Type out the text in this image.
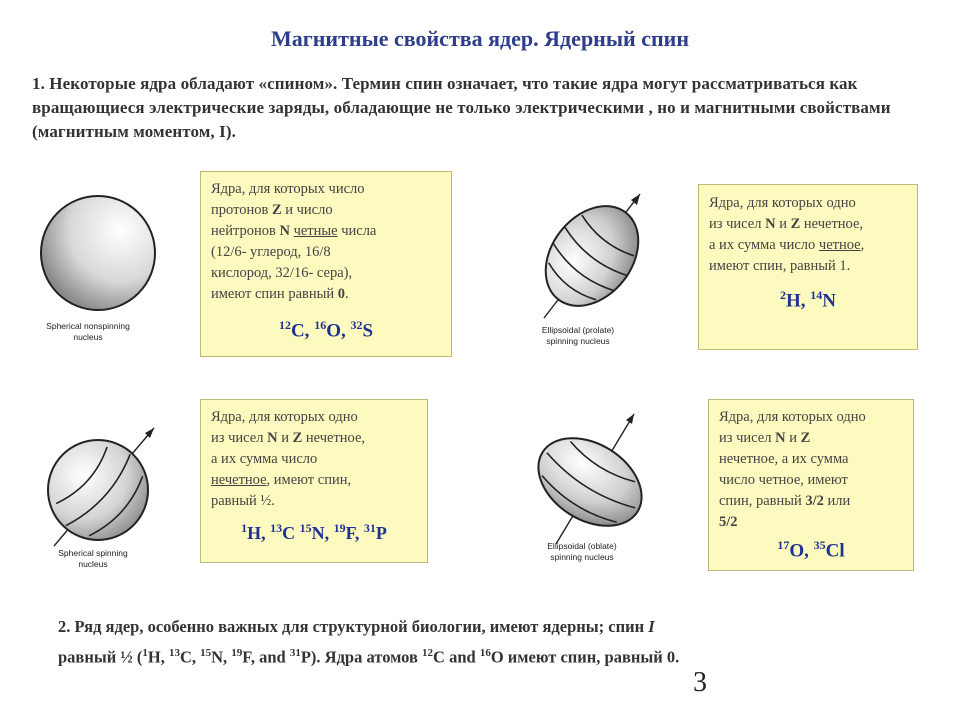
Магнитные свойства ядер. Ядерный спин
1. Некоторые ядра обладают «спином». Термин спин означает, что такие ядра могут рассматриваться как вращающиеся электрические заряды, обладающие не только электрическими , но и магнитными свойствами (магнитным моментом, I).
Spherical nonspinning
nucleus
Ellipsoidal (prolate)
spinning nucleus
Spherical spinning
nucleus
Ellipsoidal (oblate)
spinning nucleus
Ядра, для которых число
протонов Z и число
нейтронов N четные числа
(12/6- углерод, 16/8
кислород, 32/16- сера),
имеют спин равный 0.
$^{12}$C, $^{16}$O, $^{32}$S
Ядра, для которых одно
из чисел N и Z нечетное,
а их сумма число четное,
имеют спин, равный 1.
$^2$H, $^{14}$N
Ядра, для которых одно
из чисел N и Z нечетное,
а их сумма число
нечетное, имеют спин,
равный ½.
$^1$H, $^{13}$C $^{15}$N, $^{19}$F, $^{31}$P
Ядра, для которых одно
из чисел N и Z
нечетное, а их сумма
число четное, имеют
спин, равный 3/2 или
5/2
$^{17}$O, $^{35}$Cl
2. Ряд ядер, особенно важных для структурной биологии, имеют ядерны; спин I
равный ½ ($^1$H, $^{13}$C, $^{15}$N, $^{19}$F, and $^{31}$P). Ядра атомов $^{12}$C and $^{16}$O имеют спин, равный 0.
3
